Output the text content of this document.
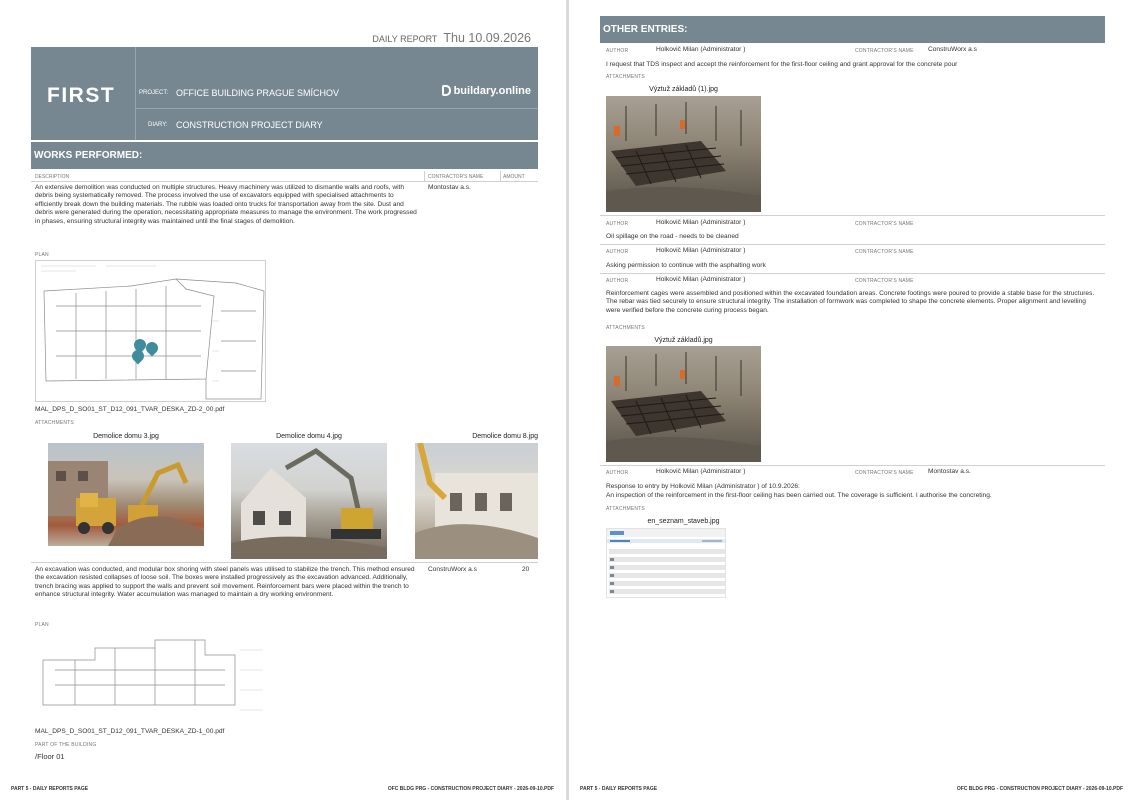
DAILY REPORT Thu 10.09.2026
FIRST	PROJECT: OFFICE BUILDING PRAGUE SMÍCHOV
DIARY: CONSTRUCTION PROJECT DIARY
buildary.online
WORKS PERFORMED:
DESCRIPTION	CONTRACTOR'S NAME	AMOUNT
An extensive demolition was conducted on multiple structures. Heavy machinery was utilized to dismantle walls and roofs, with debris being systematically removed. The process involved the use of excavators equipped with specialised attachments to efficiently break down the building materials. The rubble was loaded onto trucks for transportation away from the site. Dust and debris were generated during the operation, necessitating appropriate measures to manage the environment. The work progressed in phases, ensuring structural integrity was maintained until the final stages of demolition.
Montostav a.s.
PLAN
MAL_DPS_D_SO01_ST_D12_091_TVAR_DESKA_ZD-2_00.pdf
ATTACHMENTS
Demolice domu 3.jpg	Demolice domu 4.jpg	Demolice domu 8.jpg
An excavation was conducted, and modular box shoring with steel panels was utilised to stabilize the trench. This method ensured the excavation resisted collapses of loose soil. The boxes were installed progressively as the excavation advanced. Additionally, trench bracing was applied to support the walls and prevent soil movement. Reinforcement bars were placed within the trench to enhance structural integrity. Water accumulation was managed to maintain a dry working environment.
ConstruWorx a.s	20
PLAN
MAL_DPS_D_SO01_ST_D12_091_TVAR_DESKA_ZD-1_00.pdf
PART OF THE BUILDING
/Floor 01
PART 5 - DAILY REPORTS PAGE	OFC BLDG PRG - CONSTRUCTION PROJECT DIARY - 2026-09-10.PDF
OTHER ENTRIES:
AUTHOR	Holkovič Milan (Administrator )	CONTRACTOR'S NAME ConstruWorx a.s
I request that TDS inspect and accept the reinforcement for the first-floor ceiling and grant approval for the concrete pour
ATTACHMENTS
Výztuž základů (1).jpg
AUTHOR	Holkovič Milan (Administrator )	CONTRACTOR'S NAME
Oil spillage on the road - needs to be cleaned
AUTHOR	Holkovič Milan (Administrator )	CONTRACTOR'S NAME
Asking permission to continue with the asphalting work
AUTHOR	Holkovič Milan (Administrator )	CONTRACTOR'S NAME
Reinforcement cages were assembled and positioned within the excavated foundation areas. Concrete footings were poured to provide a stable base for the structures. The rebar was tied securely to ensure structural integrity. The installation of formwork was completed to shape the concrete elements. Proper alignment and levelling were verified before the concrete curing process began.
ATTACHMENTS
Výztuž základů.jpg
AUTHOR	Holkovič Milan (Administrator )	CONTRACTOR'S NAME Montostav a.s.
Response to entry by Holkovič Milan (Administrator ) of 10.9.2026:
An inspection of the reinforcement in the first-floor ceiling has been carried out. The coverage is sufficient. I authorise the concreting.
ATTACHMENTS
en_seznam_staveb.jpg
PART 5 - DAILY REPORTS PAGE	OFC BLDG PRG - CONSTRUCTION PROJECT DIARY - 2026-09-10.PDF
